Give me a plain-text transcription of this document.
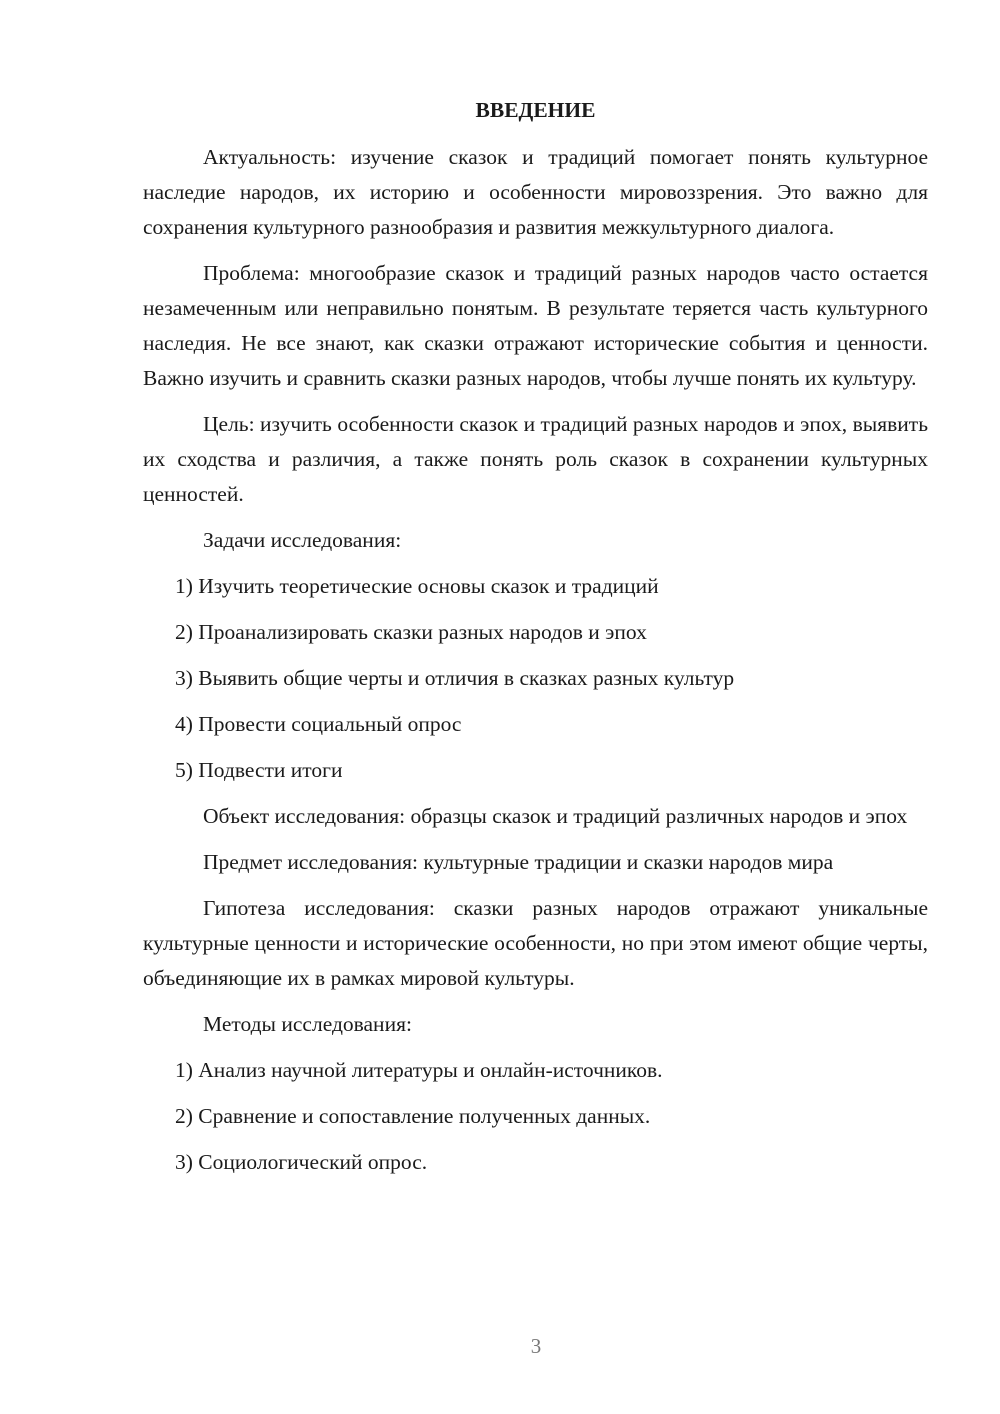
ВВЕДЕНИЕ

Актуальность: изучение сказок и традиций помогает понять культурное наследие народов, их историю и особенности мировоззрения. Это важно для сохранения культурного разнообразия и развития межкультурного диалога.

Проблема: многообразие сказок и традиций разных народов часто остается незамеченным или неправильно понятым. В результате теряется часть культурного наследия. Не все знают, как сказки отражают исторические события и ценности. Важно изучить и сравнить сказки разных народов, чтобы лучше понять их культуру.

Цель: изучить особенности сказок и традиций разных народов и эпох, выявить их сходства и различия, а также понять роль сказок в сохранении культурных ценностей.

Задачи исследования:

1) Изучить теоретические основы сказок и традиций
2) Проанализировать сказки разных народов и эпох
3) Выявить общие черты и отличия в сказках разных культур
4) Провести социальный опрос
5) Подвести итоги

Объект исследования: образцы сказок и традиций различных народов и эпох

Предмет исследования: культурные традиции и сказки народов мира

Гипотеза исследования: сказки разных народов отражают уникальные культурные ценности и исторические особенности, но при этом имеют общие черты, объединяющие их в рамках мировой культуры.

Методы исследования:

1) Анализ научной литературы и онлайн-источников.
2) Сравнение и сопоставление полученных данных.
3) Социологический опрос.
3
